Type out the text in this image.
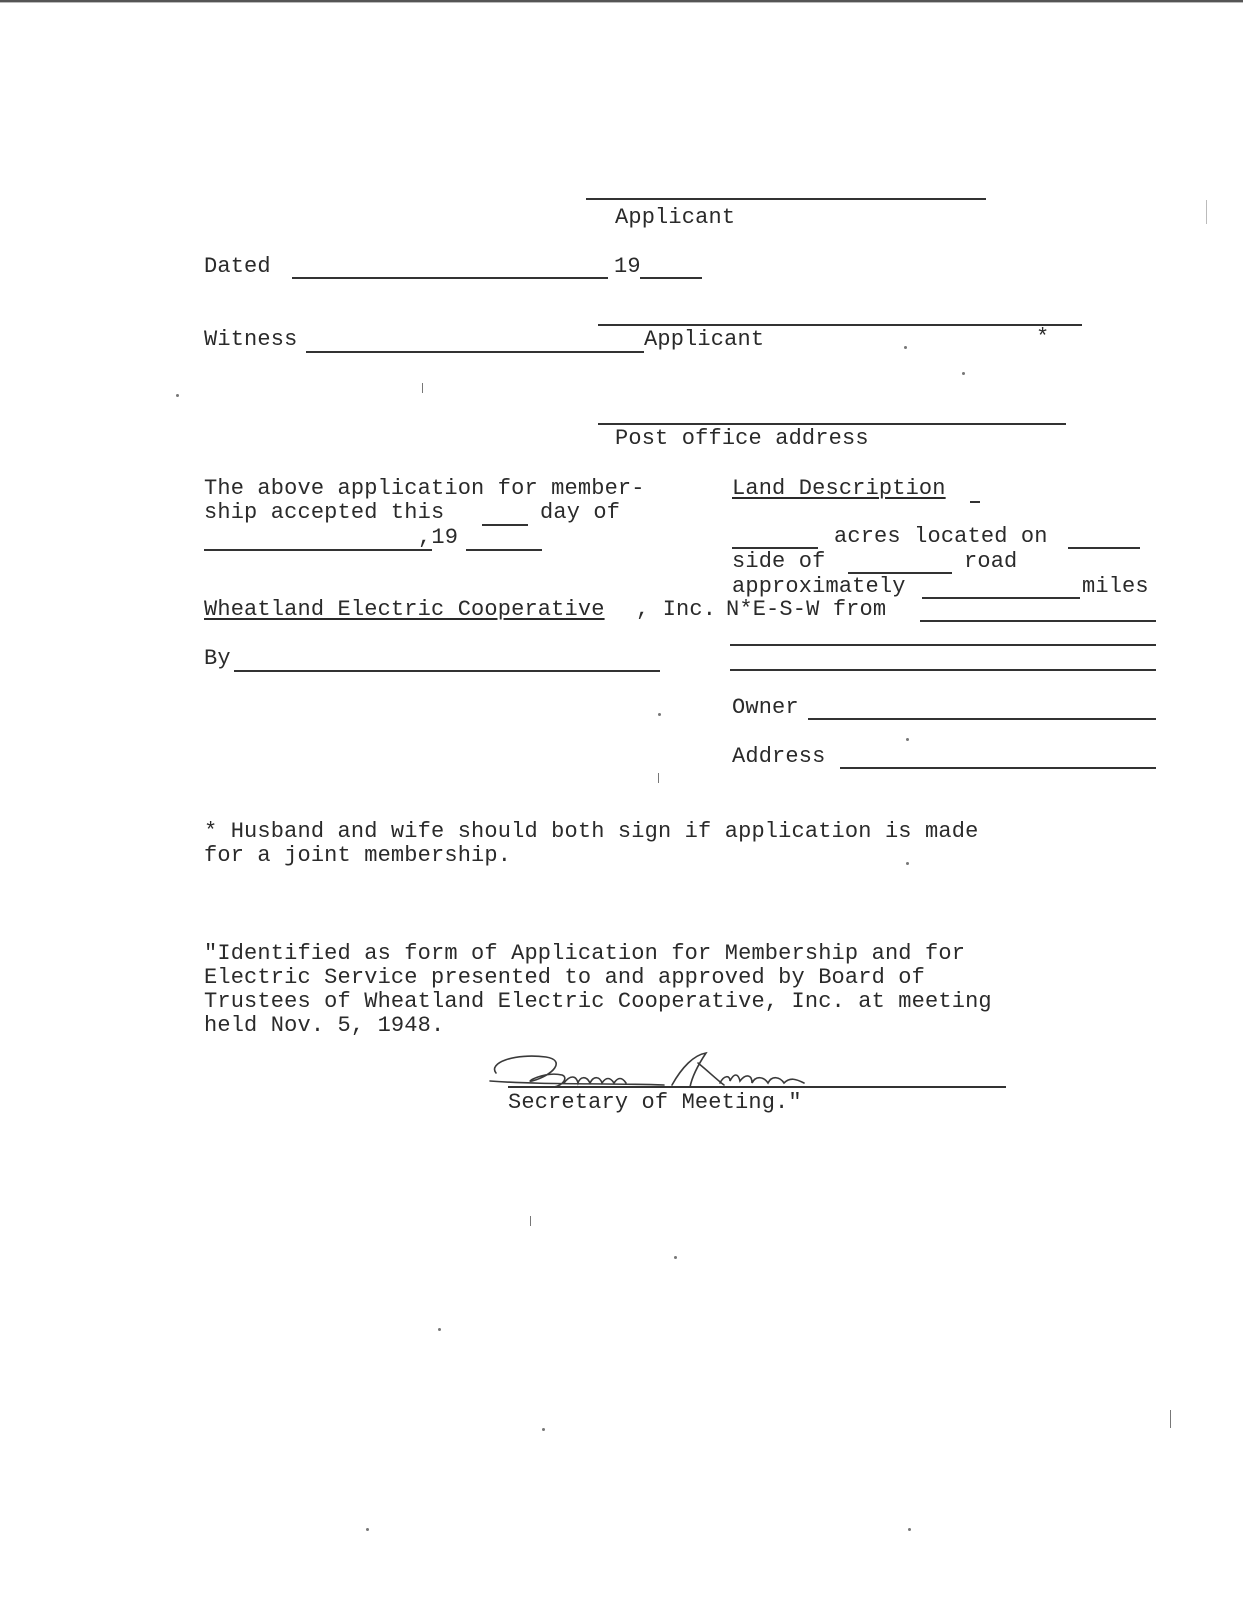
Applicant
Dated	19
Witness	Applicant	*
Post office address
The above application for member-
ship accepted this	day of
,19
Wheatland Electric Cooperative , Inc.
By
Land Description
acres located on
side of	road
approximately	miles
N*E-S-W from
Owner
Address
* Husband and wife should both sign if application is made
for a joint membership.
"Identified as form of Application for Membership and for
Electric Service presented to and approved by Board of
Trustees of Wheatland Electric Cooperative, Inc. at meeting
held Nov. 5, 1948.
Secretary of Meeting."
